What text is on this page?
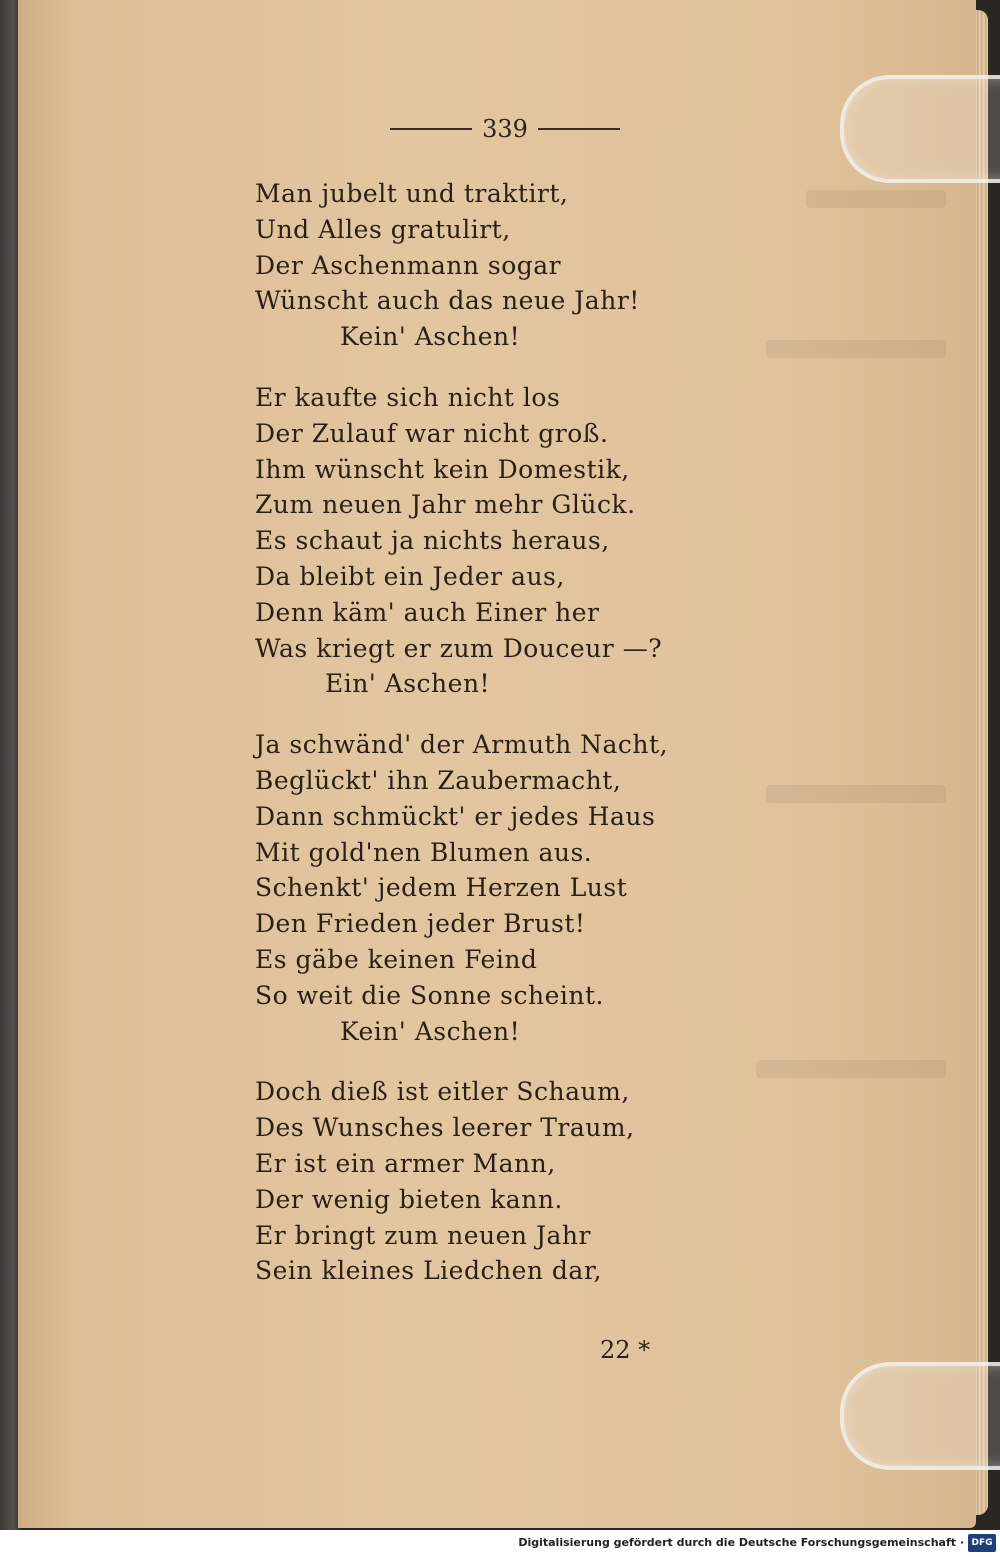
339
Man jubelt und traktirt,
Und Alles gratulirt,
Der Aschenmann sogar
Wünscht auch das neue Jahr!
Kein' Aschen!
Er kaufte sich nicht los
Der Zulauf war nicht groß.
Ihm wünscht kein Domestik,
Zum neuen Jahr mehr Glück.
Es schaut ja nichts heraus,
Da bleibt ein Jeder aus,
Denn käm' auch Einer her
Was kriegt er zum Douceur —?
Ein' Aschen!
Ja schwänd' der Armuth Nacht,
Beglückt' ihn Zaubermacht,
Dann schmückt' er jedes Haus
Mit gold'nen Blumen aus.
Schenkt' jedem Herzen Lust
Den Frieden jeder Brust!
Es gäbe keinen Feind
So weit die Sonne scheint.
Kein' Aschen!
Doch dieß ist eitler Schaum,
Des Wunsches leerer Traum,
Er ist ein armer Mann,
Der wenig bieten kann.
Er bringt zum neuen Jahr
Sein kleines Liedchen dar,
22 *
Digitalisierung gefördert durch die Deutsche Forschungsgemeinschaft · DFG
